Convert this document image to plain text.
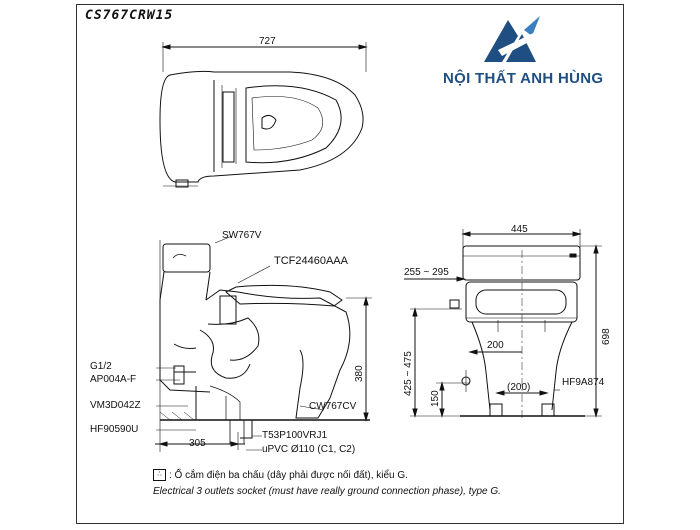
CS767CRW15
NỘI THẤT ANH HÙNG
727
445
255 ~ 295
698
200
425 ~ 475
150
(200)
380
305
SW767V
TCF24460AAA
G1/2
AP004A-F
VM3D042Z
HF90590U
CW767CV
T53P100VRJ1
uPVC Ø110 (C1, C2)
HF9A874
∴ : Ổ cắm điện ba chấu (dây phải được nối đất), kiểu G.
Electrical 3 outlets socket (must have really ground connection phase), type G.
